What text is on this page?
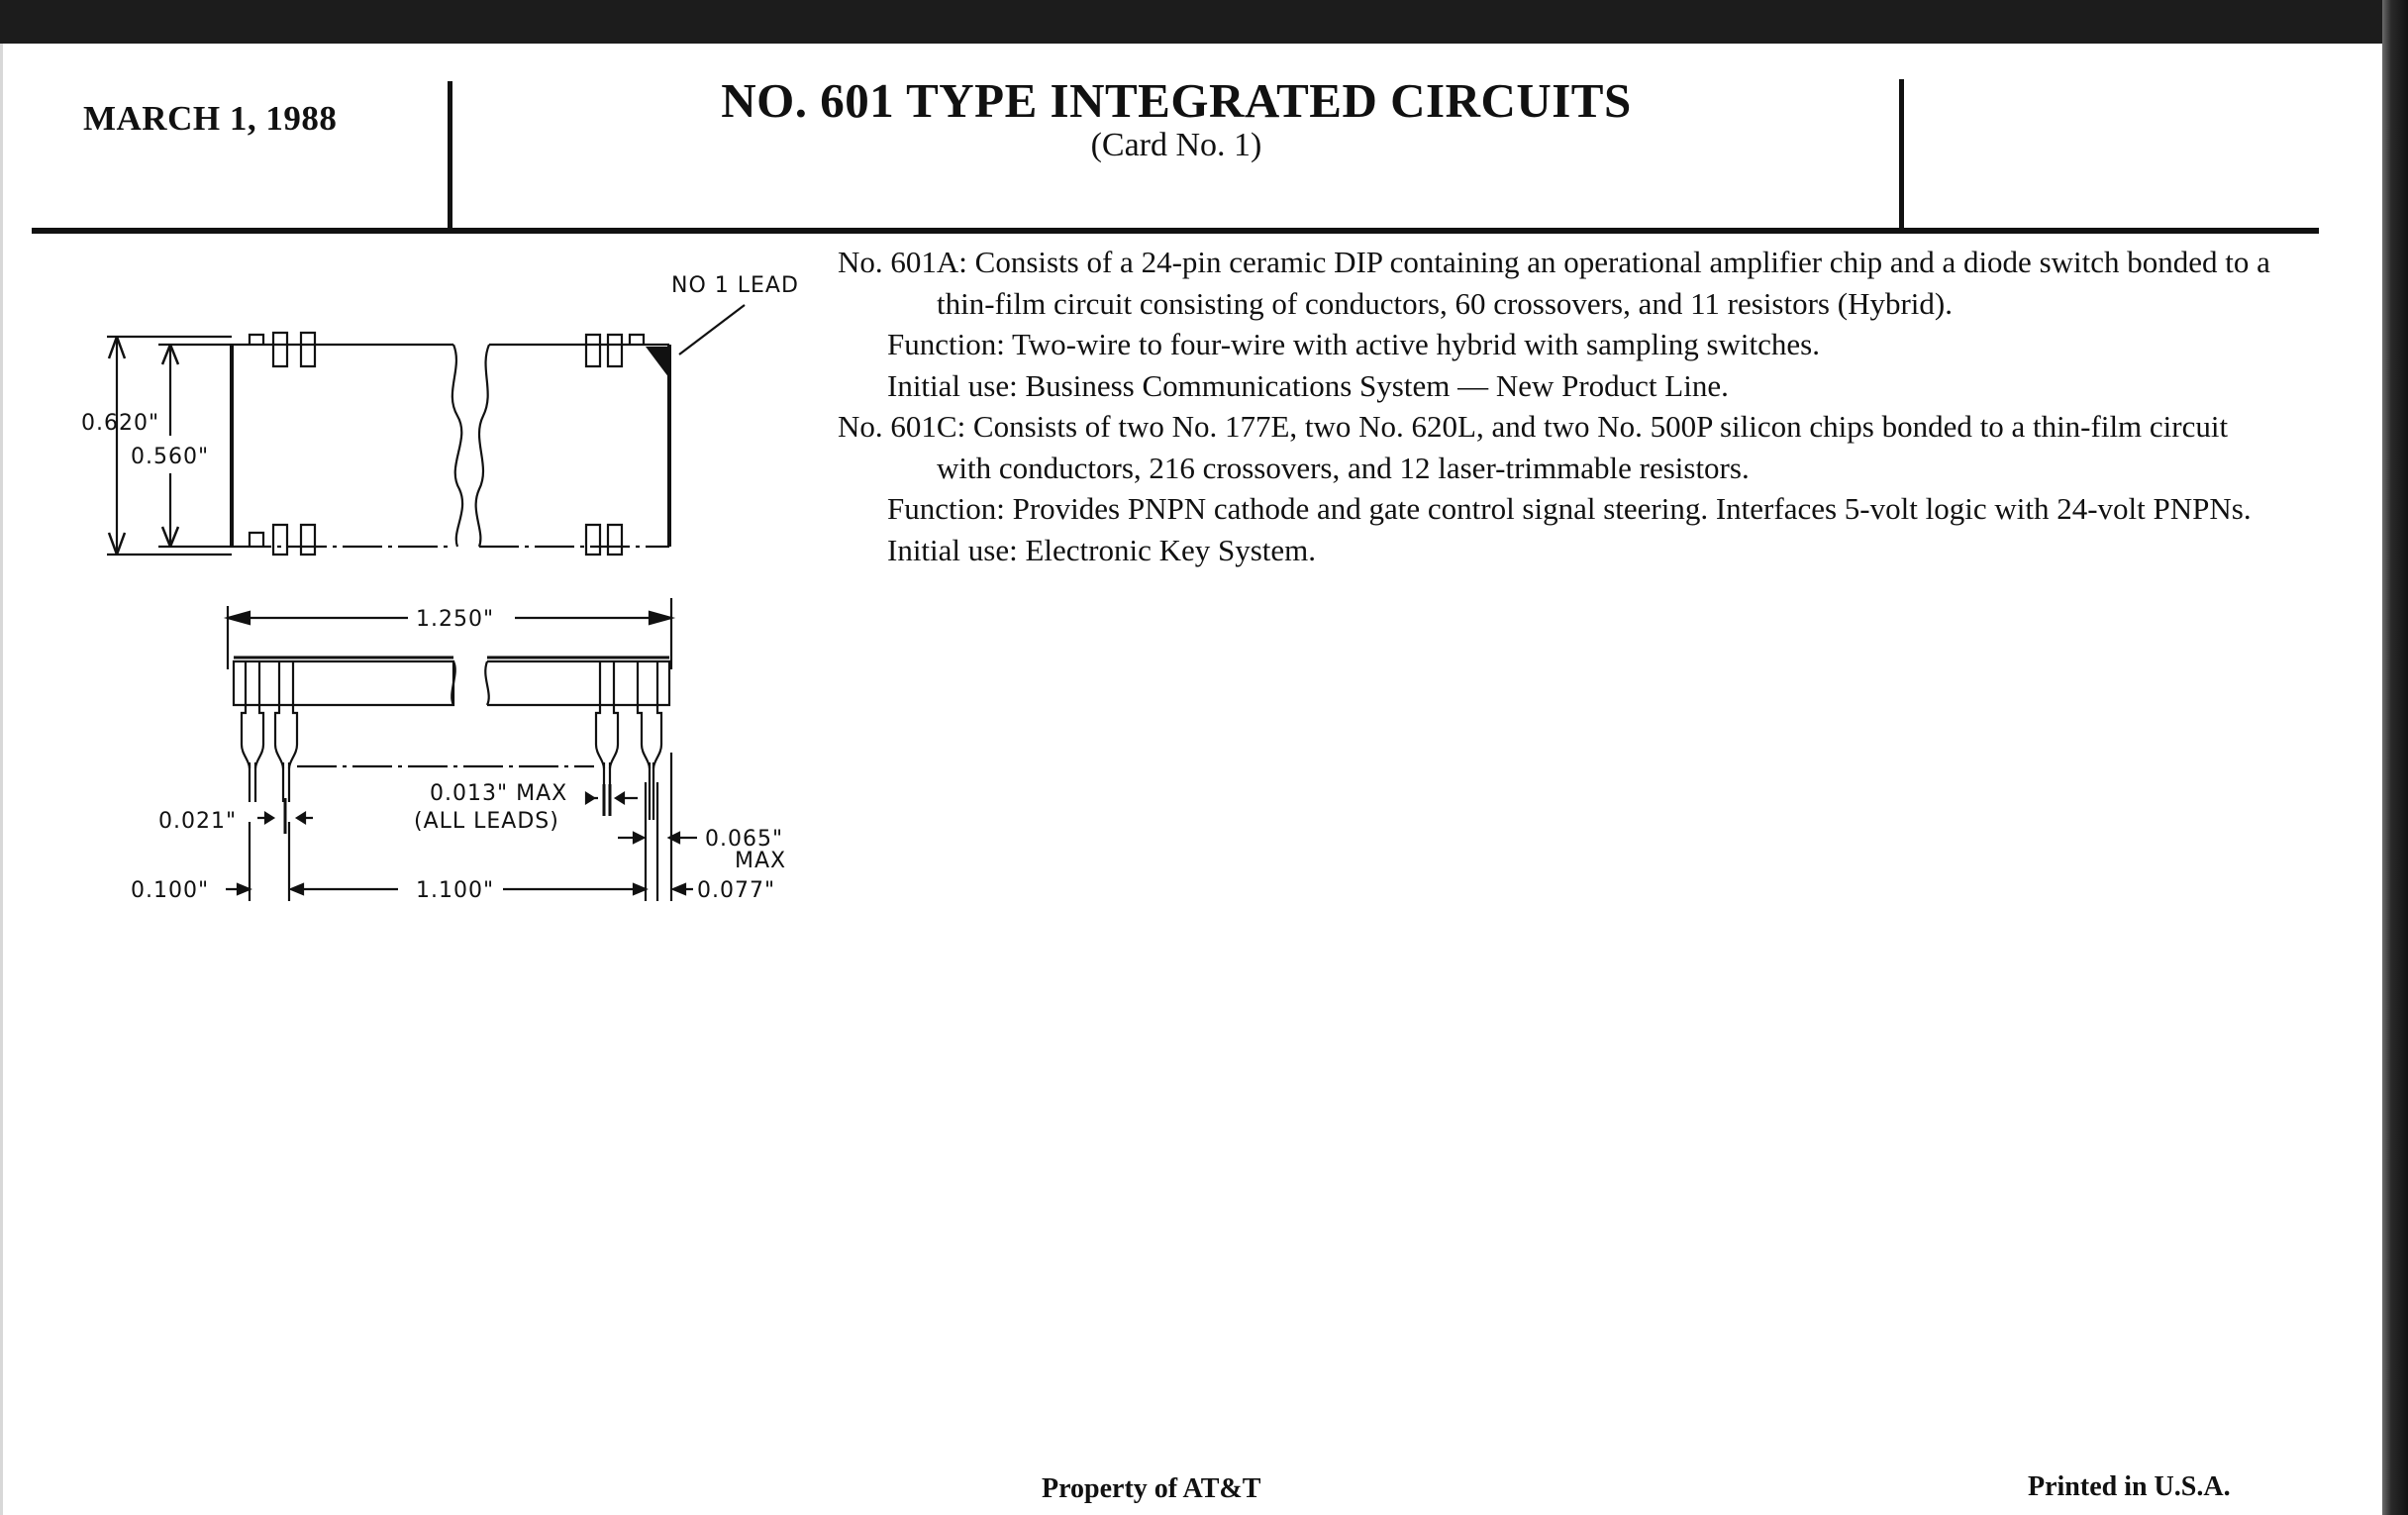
MARCH 1, 1988	NO. 601 TYPE INTEGRATED CIRCUITS
(Card No. 1)
NO 1 LEAD
0.620"
0.560"
1.250"
0.013" MAX
(ALL LEADS)
0.021"
0.065"
MAX
0.100"	1.100"	0.077"

No. 601A: Consists of a 24-pin ceramic DIP containing an operational amplifier chip and a diode switch bonded to a thin-film circuit consisting of conductors, 60 crossovers, and 11 resistors (Hybrid).

Function: Two-wire to four-wire with active hybrid with sampling switches.

Initial use: Business Communications System — New Product Line.

No. 601C: Consists of two No. 177E, two No. 620L, and two No. 500P silicon chips bonded to a thin-film circuit with conductors, 216 crossovers, and 12 laser-trimmable resistors.

Function: Provides PNPN cathode and gate control signal steering. Interfaces 5-volt logic with 24-volt PNPNs.

Initial use: Electronic Key System.

Property of AT&T	Printed in U.S.A.
